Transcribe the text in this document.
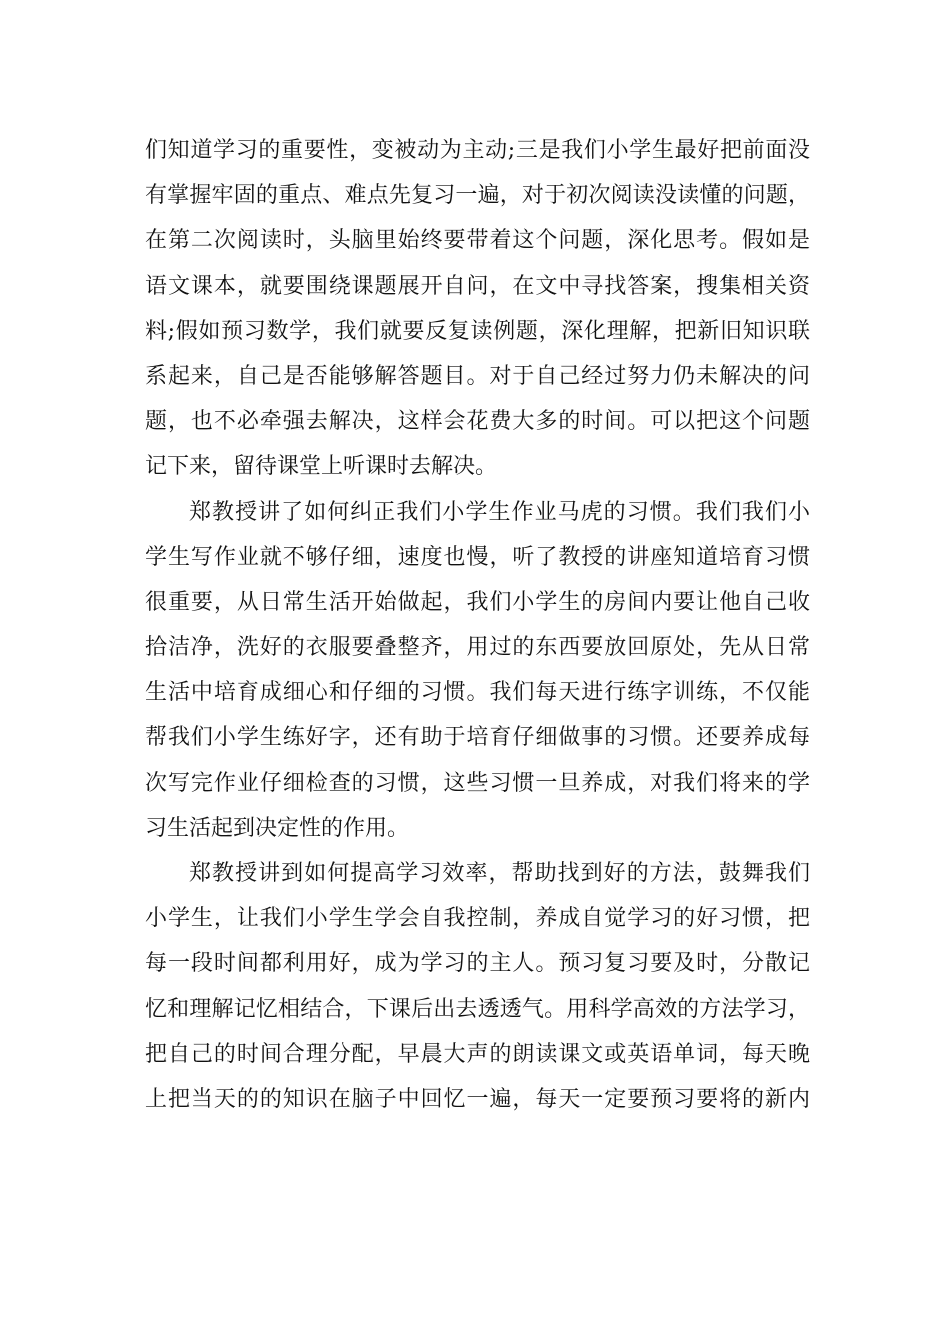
们知道学习的重要性，变被动为主动;三是我们小学生最好把前面没
有掌握牢固的重点、难点先复习一遍，对于初次阅读没读懂的问题，
在第二次阅读时，头脑里始终要带着这个问题，深化思考。假如是
语文课本，就要围绕课题展开自问，在文中寻找答案，搜集相关资
料;假如预习数学，我们就要反复读例题，深化理解，把新旧知识联
系起来，自己是否能够解答题目。对于自己经过努力仍未解决的问
题，也不必牵强去解决，这样会花费大多的时间。可以把这个问题
记下来，留待课堂上听课时去解决。
郑教授讲了如何纠正我们小学生作业马虎的习惯。我们我们小
学生写作业就不够仔细，速度也慢，听了教授的讲座知道培育习惯
很重要，从日常生活开始做起，我们小学生的房间内要让他自己收
拾洁净，洗好的衣服要叠整齐，用过的东西要放回原处，先从日常
生活中培育成细心和仔细的习惯。我们每天进行练字训练，不仅能
帮我们小学生练好字，还有助于培育仔细做事的习惯。还要养成每
次写完作业仔细检查的习惯，这些习惯一旦养成，对我们将来的学
习生活起到决定性的作用。
郑教授讲到如何提高学习效率，帮助找到好的方法，鼓舞我们
小学生，让我们小学生学会自我控制，养成自觉学习的好习惯，把
每一段时间都利用好，成为学习的主人。预习复习要及时，分散记
忆和理解记忆相结合，下课后出去透透气。用科学高效的方法学习，
把自己的时间合理分配，早晨大声的朗读课文或英语单词，每天晚
上把当天的的知识在脑子中回忆一遍，每天一定要预习要将的新内
